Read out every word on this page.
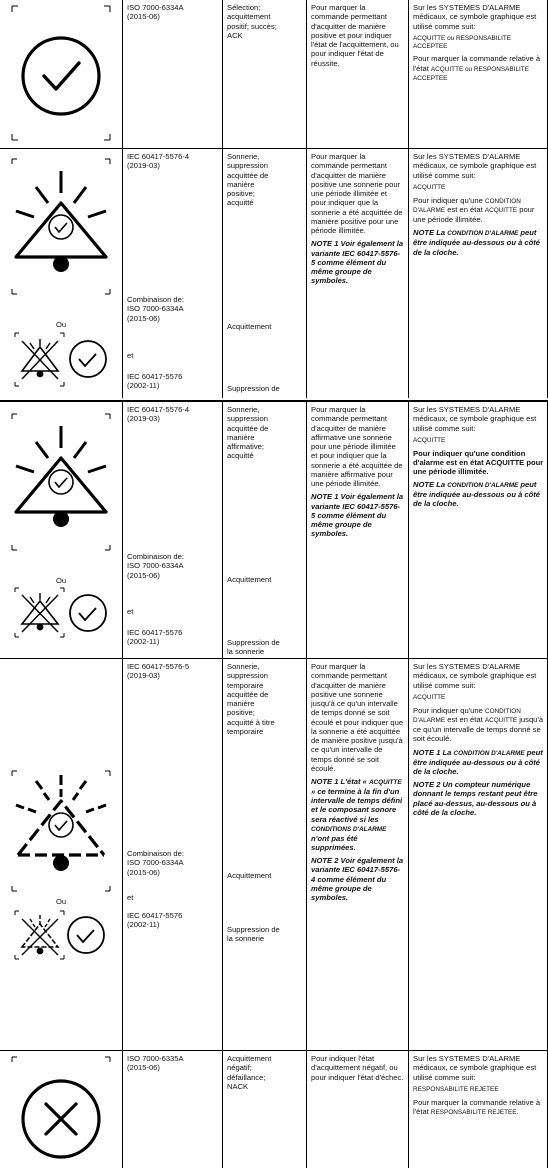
ISO 7000-6334A
(2015-06)
Sélection;
acquittement
positif; succès;
ACK
Pour marquer la commande permettant d'acquitter de manière positive et pour indiquer l'état de l'acquittement, ou pour indiquer l'état de réussite.
Sur les SYSTEMES D'ALARME médicaux, ce symbole graphique est utilisé comme suit:
ACQUITTE ou RESPONSABILITE ACCEPTEE
Pour marquer la commande relative à l'état ACQUITTE ou RESPONSABILITE ACCEPTEE
Ou
IEC 60417-5576-4
(2019-03)
Combinaison de:
ISO 7000-6334A
(2015-06)
et
IEC 60417-5576
(2002-11)
Sonnerie,
suppression
acquittée de
manière
positive;
acquitté
Acquittement
Suppression de
Pour marquer la commande permettant d'acquitter de manière positive une sonnerie pour une période illimitée et pour indiquer que la sonnerie a été acquittée de manière positive pour une période illimitée.
NOTE 1 Voir également la variante IEC 60417-5576-5 comme élément du même groupe de symboles.
Sur les SYSTEMES D'ALARME médicaux, ce symbole graphique est utilisé comme suit:
ACQUITTE
Pour indiquer qu'une CONDITION D'ALARME est en état ACQUITTE pour une période illimitée.
NOTE La CONDITION D'ALARME peut être indiquée au-dessous ou à côté de la cloche.
Ou
IEC 60417-5576-4
(2019-03)
Combinaison de:
ISO 7000-6334A
(2015-06)
et
IEC 60417-5576
(2002-11)
Sonnerie,
suppression
acquittée de
manière
affirmative;
acquitté
Acquittement
Suppression de
la sonnerie
Pour marquer la commande permettant d'acquitter de manière affirmative une sonnerie pour une période illimitée et pour indiquer que la sonnerie a été acquittée de manière affirmative pour une période illimitée.
NOTE 1 Voir également la variante IEC 60417-5576-5 comme élément du même groupe de symboles.
Sur les SYSTEMES D'ALARME médicaux, ce symbole graphique est utilisé comme suit:
ACQUITTE
Pour indiquer qu'une condition d'alarme est en état ACQUITTE pour une période illimitée.
NOTE La CONDITION D'ALARME peut être indiquée au-dessous ou à côté de la cloche.
Ou
IEC 60417-5576-5
(2019-03)
Combinaison de:
ISO 7000-6334A
(2015-06)
et
IEC 60417-5576
(2002-11)
Sonnerie,
suppression
temporaire
acquittée de
manière
positive;
acquitté à titre
temporaire
Acquittement
Suppression de
la sonnerie
Pour marquer la commande permettant d'acquitter de manière positive une sonnerie jusqu'à ce qu'un intervalle de temps donné se soit écoulé et pour indiquer que la sonnerie a été acquittée de manière positive jusqu'à ce qu'un intervalle de temps donné se soit écoulé.
NOTE 1 L'état « ACQUITTE » ce termine à la fin d'un intervalle de temps défini et le composant sonore sera réactivé si les CONDITIONS D'ALARME n'ont pas été supprimées.
NOTE 2 Voir également la variante IEC 60417-5576-4 comme élément du même groupe de symboles.
Sur les SYSTEMES D'ALARME médicaux, ce symbole graphique est utilisé comme suit:
ACQUITTE
Pour indiquer qu'une CONDITION D'ALARME est en état ACQUITTE jusqu'à ce qu'un intervalle de temps donné se soit écoulé.
NOTE 1 La CONDITION D'ALARME peut être indiquée au-dessous ou à côté de la cloche.
NOTE 2 Un compteur numérique donnant le temps restant peut être placé au-dessus, au-dessous ou à côté de la cloche.
ISO 7000-6335A
(2015-06)
Acquittement
négatif;
défaillance;
NACK
Pour indiquer l'état d'acquittement négatif, ou pour indiquer l'état d'échec.
Sur les SYSTEMES D'ALARME médicaux, ce symbole graphique est utilisé comme suit:
RESPONSABILITE REJETEE
Pour marquer la commande relative à l'état RESPONSABILITE REJETEE.
